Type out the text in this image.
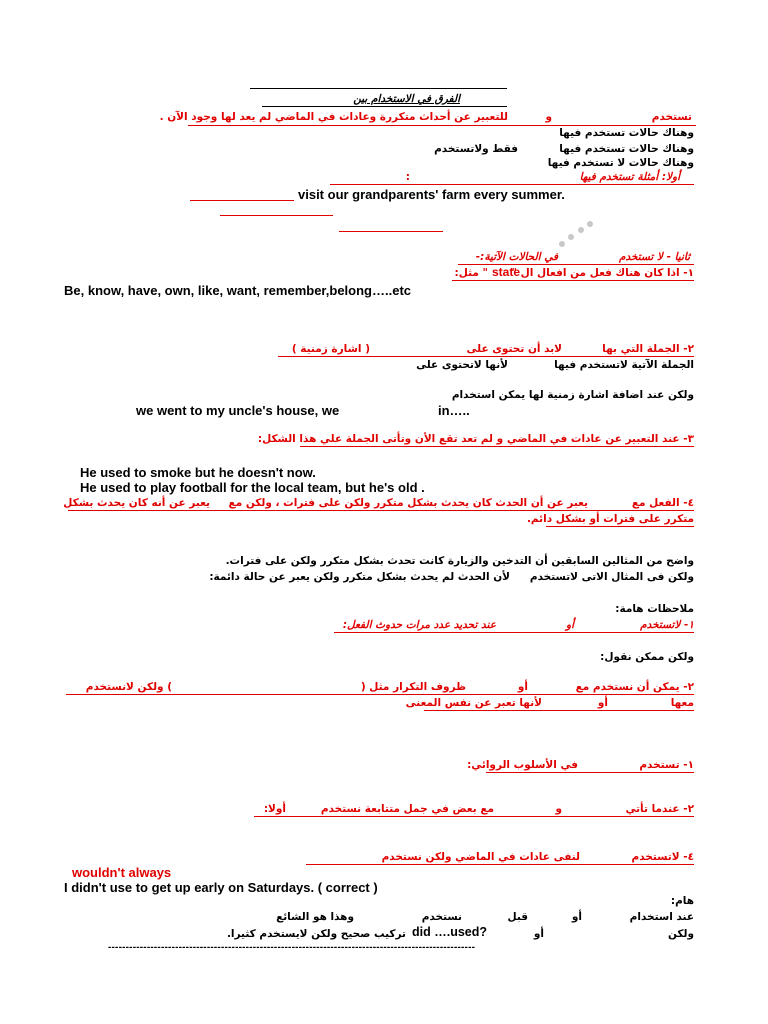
الفرق في الاستخدام بين
تستخدم
و
للتعبير عن أحداث متكررة وعادات في الماضي لم يعد لها وجود الآن .
وهناك حالات تستخدم فيها
وهناك حالات تستخدم فيها
فقط ولاتستخدم
وهناك حالات لا تستخدم فيها
أولا: أمثلة تستخدم فيها
:
visit our grandparents' farm every summer.
ثانيا - لا تستخدم
في الحالات الآتية:-
١- اذا كان هناك فعل من افعال ال "
state
" مثل:
Be, know, have, own, like, want, remember,belong…..etc
٢- الجملة التي بها
لابد أن تحتوى على
( اشارة زمنية )
الجملة الآتية لاتستخدم فيها
لأنها لاتحتوى على
ولكن عند اضافة اشارة زمنية لها يمكن استخدام
we went to my uncle's house, we	in…..
٣- عند التعبير عن عادات في الماضي و لم تعد تقع الأن وتأتى الجملة علي هذا الشكل:
He used to smoke but he doesn't now.
He used to play football for the local team, but he's old .
٤- الفعل مع
يعبر عن أن الحدث كان يحدث بشكل متكرر ولكن على فترات ، ولكن مع
يعبر عن أنه كان يحدث بشكل
متكرر على فترات أو بشكل دائم.
واضح من المثالين السابقين أن التدخين والزيارة كانت تحدث بشكل متكرر ولكن على فترات.
ولكن فى المثال الاتى لاتستخدم
لأن الحدث لم يحدث بشكل متكرر ولكن يعبر عن حالة دائمة:
ملاحظات هامة:
١- لاتستخدم
أو
عند تحديد عدد مرات حدوث الفعل:
ولكن ممكن نقول:
٢- يمكن أن نستخدم مع
أو
ظروف التكرار مثل (
) ولكن لانستخدم
معها
أو
لأنها تعبر عن نفس المعنى
١- تستخدم
في الأسلوب الروائي:
٢- عندما تأتي
و
مع بعض في جمل متتابعة نستخدم
أولا:
٤- لاتستخدم
لنفى عادات في الماضي ولكن نستخدم
wouldn't always
I didn't use to get up early on Saturdays. ( correct )
هام:
عند استخدام
أو
قبل
نستخدم
وهذا هو الشائع
ولكن
أو
did ….used?
تركيب صحيح ولكن لايستخدم كثيرا.
--------------------------------------------------------------------------------------------------------
